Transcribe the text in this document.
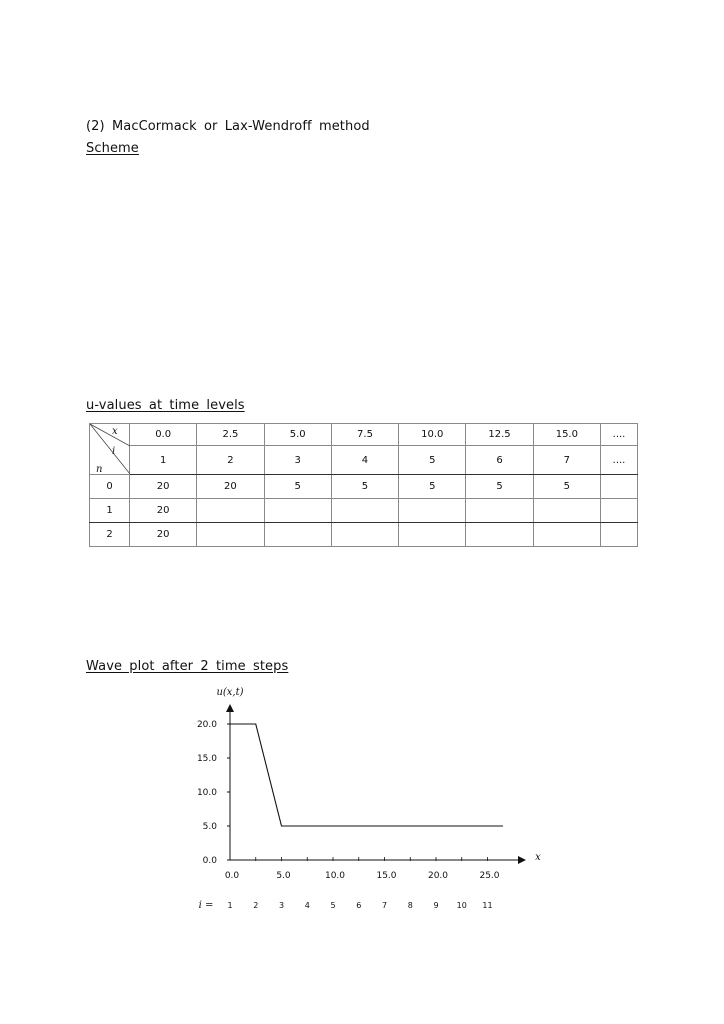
(2) MacCormack or Lax-Wendroff method
Scheme
u-values at time levels
x
i
n	0.0	2.5	5.0	7.5	10.0	12.5	15.0	....
	1	2	3	4	5	6	7	....
0	20	20	5	5	5	5	5	
1	20							
2	20							
Wave plot after 2 time steps
u(x,t)
x
0.0
5.0
10.0
15.0
20.0
0.0	5.0	10.0	15.0	20.0	25.0
i = 1	2	3	4	5	6	7	8	9 10 11
